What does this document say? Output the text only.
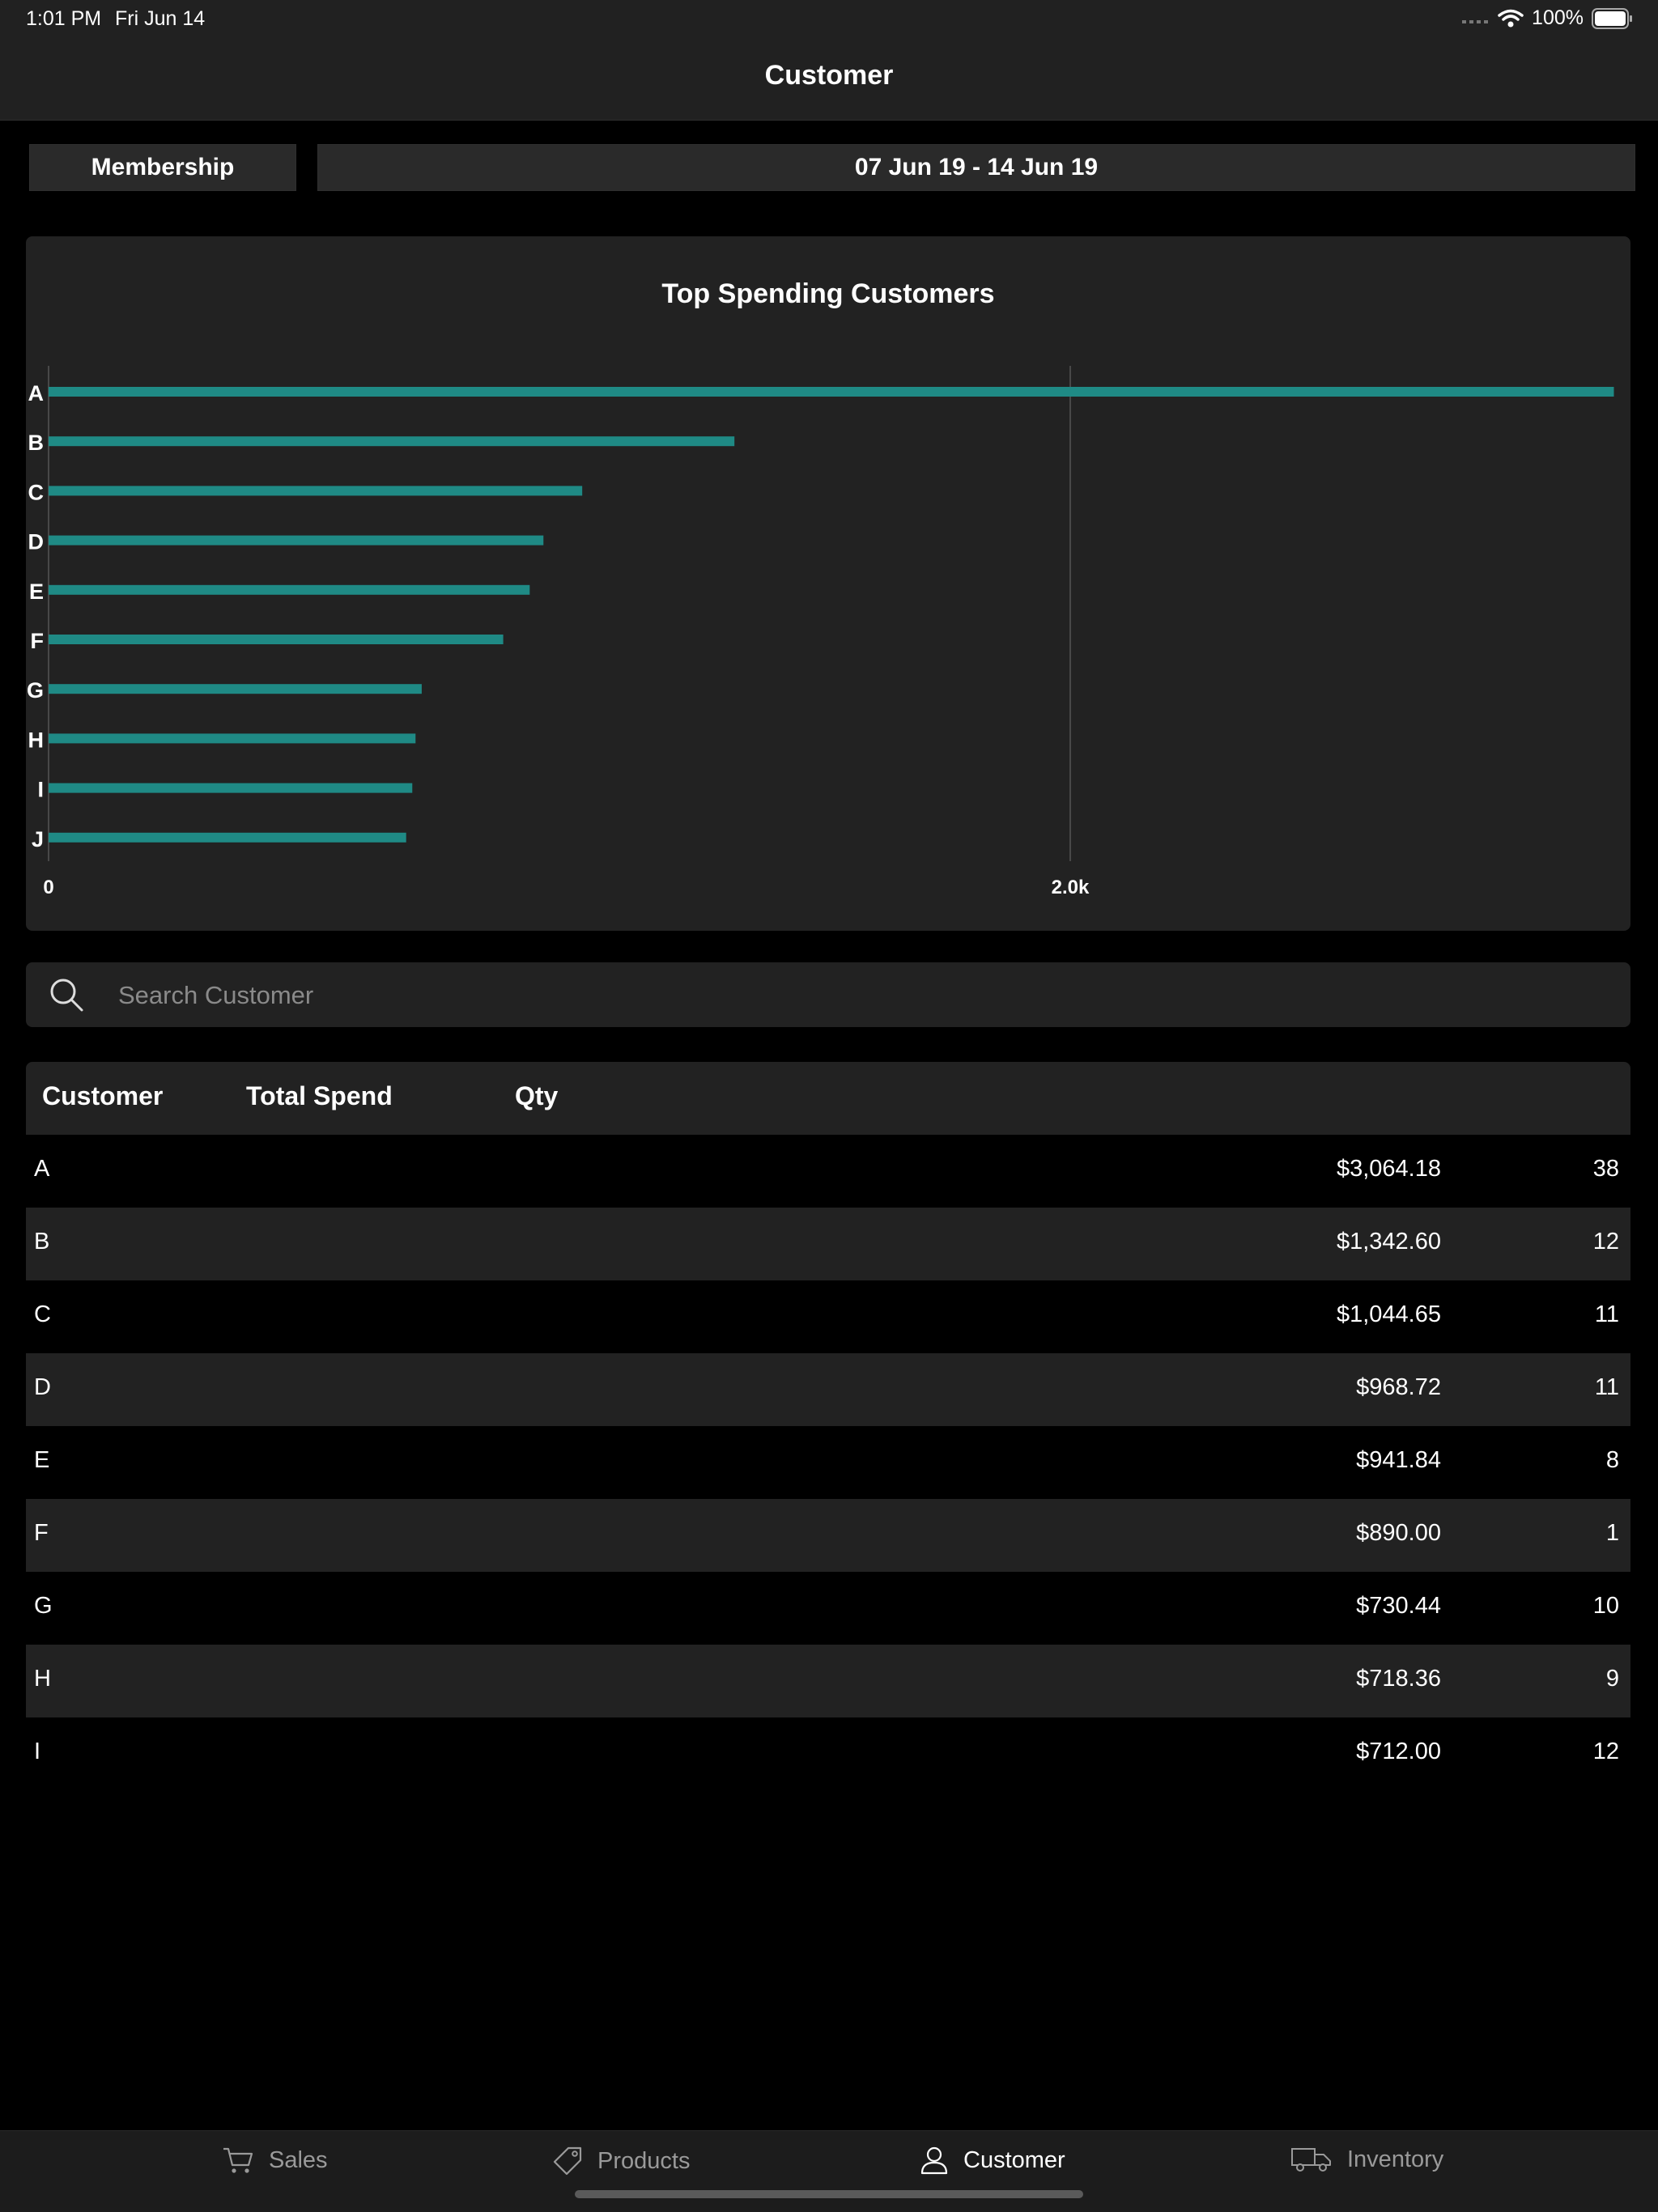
1:01 PM Fri Jun 14	100%
Customer
Membership	07 Jun 19 - 14 Jun 19
Top Spending Customers
0	2.0k
A
B
C
D
E
F
G
H
I
J
Search Customer
Customer	Total Spend	Qty
A	$3,064.18	38
B	$1,342.60	12
C	$1,044.65	11
D	$968.72	11
E	$941.84	8
F	$890.00	1
G	$730.44	10
H	$718.36	9
I	$712.00	12
Sales	Products	Customer	Inventory
